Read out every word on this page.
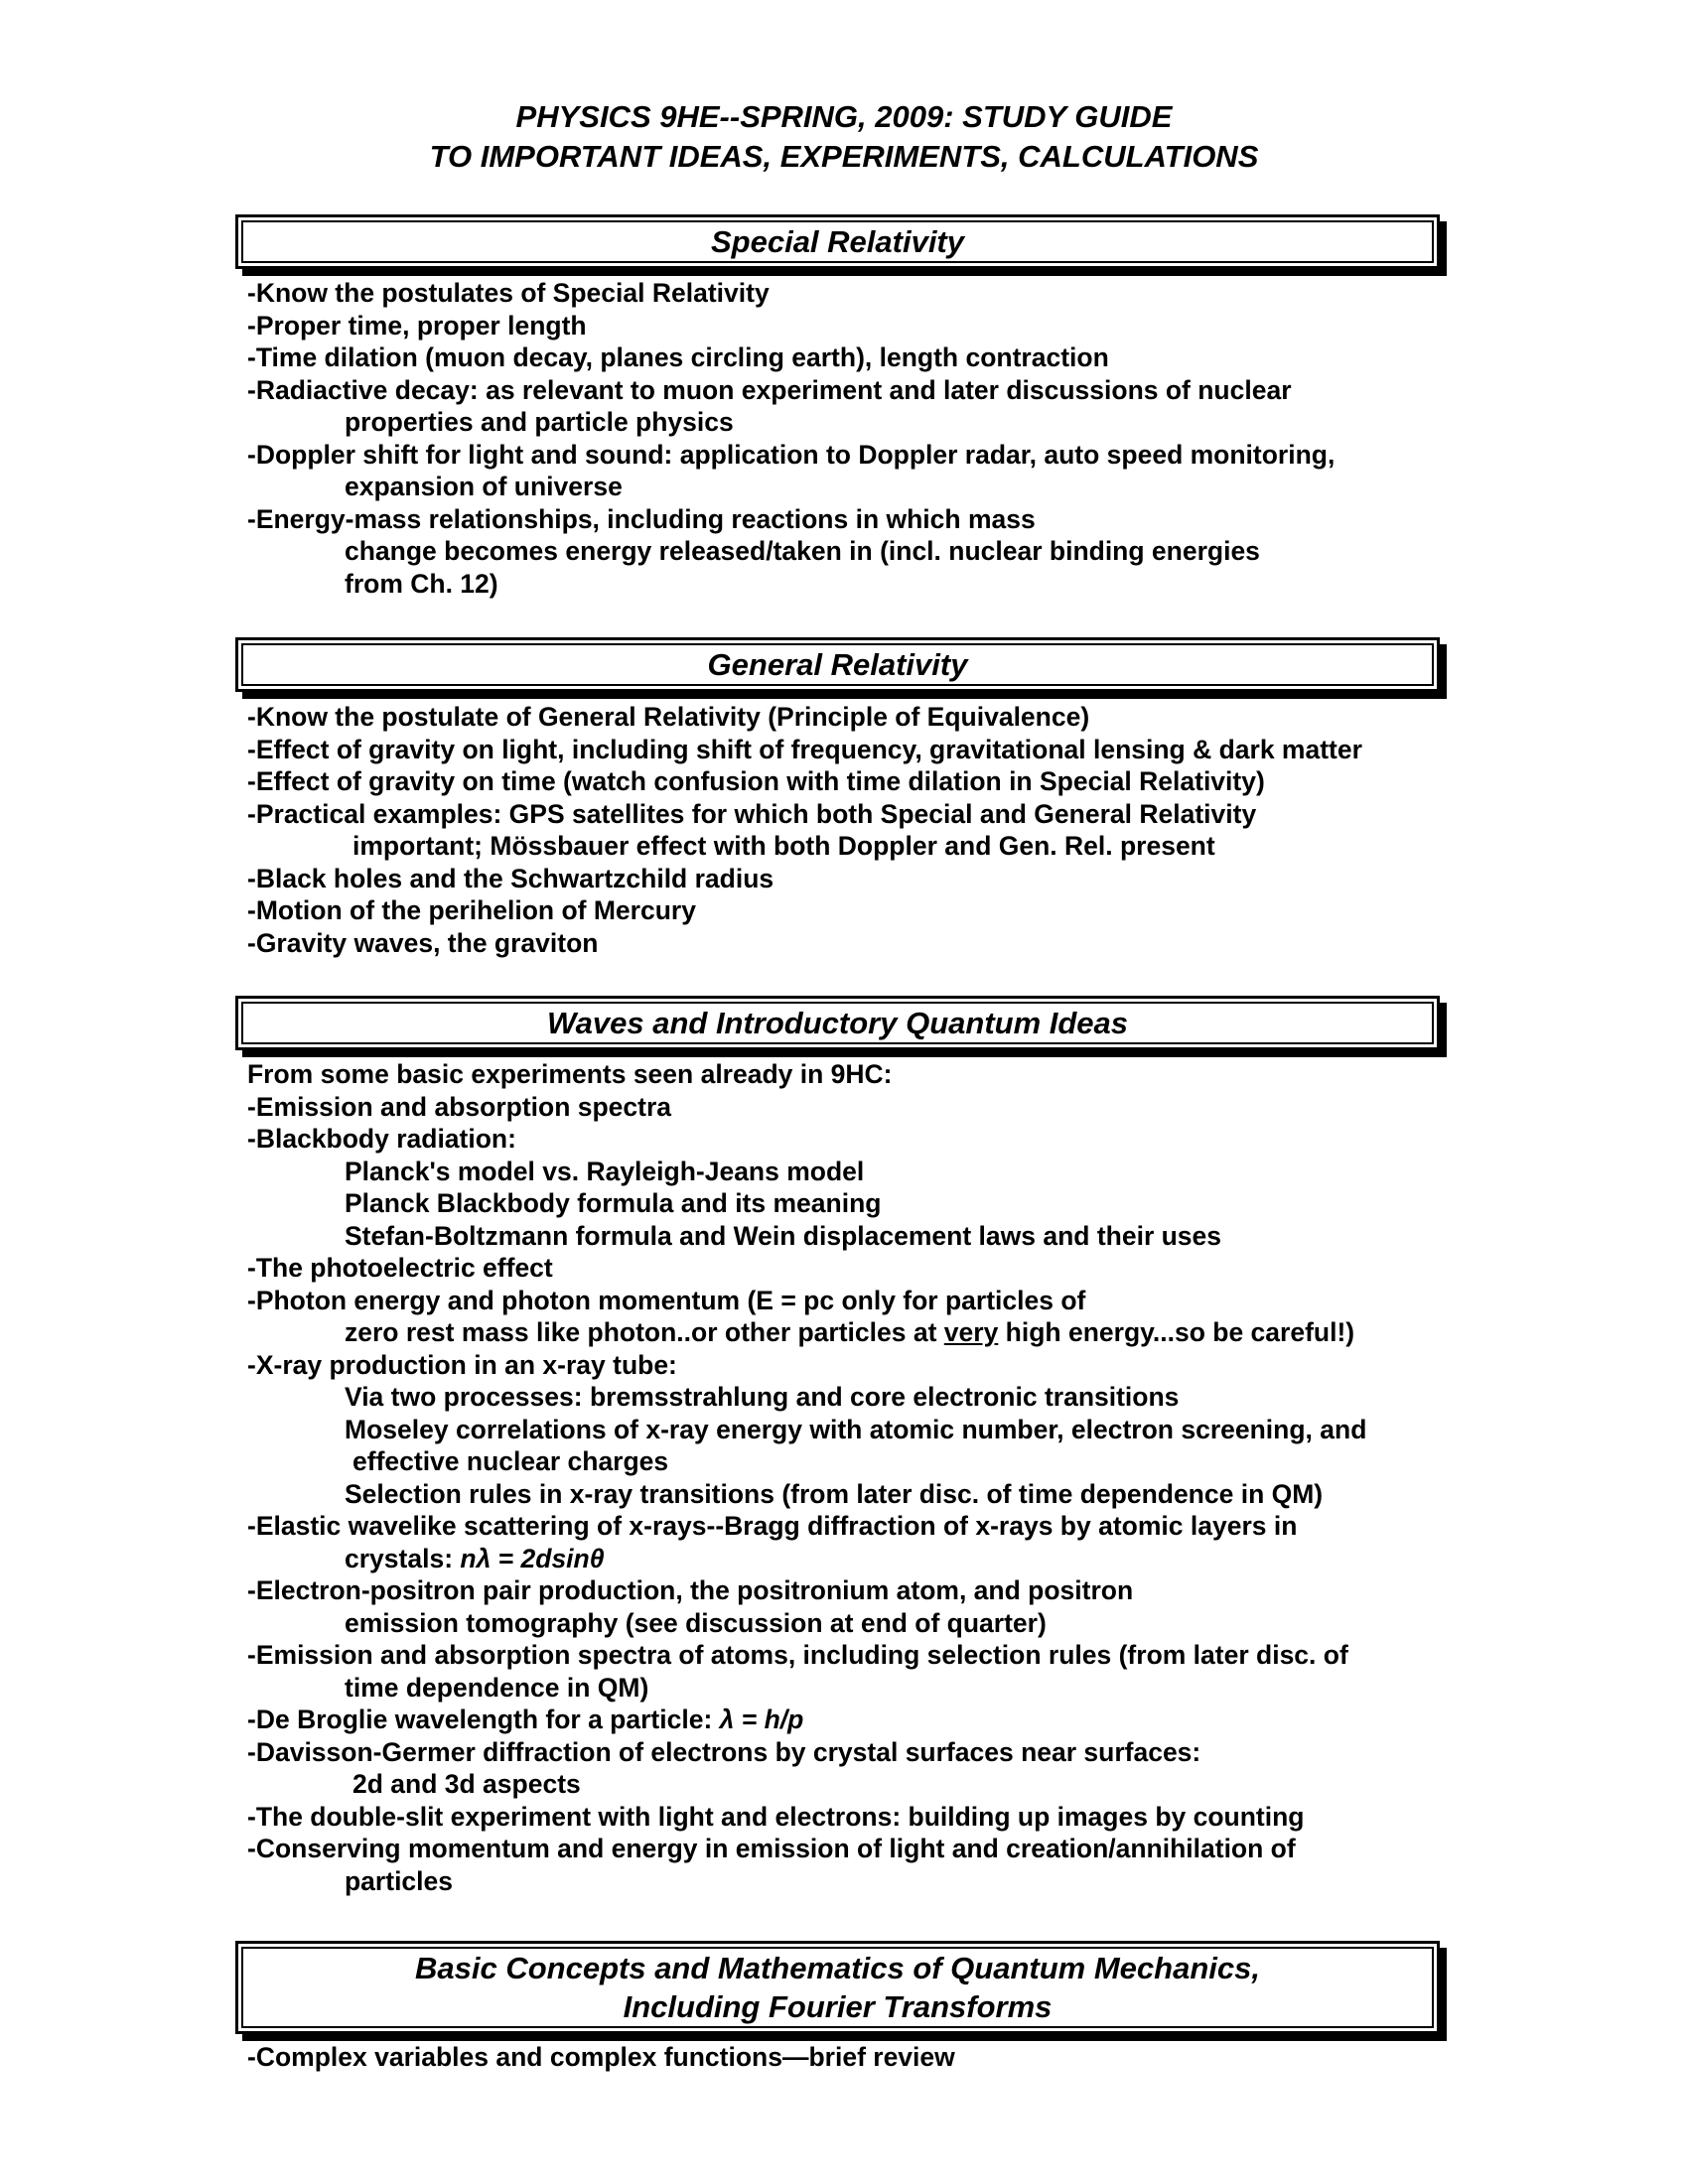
PHYSICS 9HE--SPRING, 2009: STUDY GUIDE
TO IMPORTANT IDEAS, EXPERIMENTS, CALCULATIONS
Special Relativity
-Know the postulates of Special Relativity
-Proper time, proper length
-Time dilation (muon decay, planes circling earth), length contraction
-Radiactive decay: as relevant to muon experiment and later discussions of nuclear
properties and particle physics
-Doppler shift for light and sound: application to Doppler radar, auto speed monitoring,
expansion of universe
-Energy-mass relationships, including reactions in which mass
change becomes energy released/taken in (incl. nuclear binding energies
from Ch. 12)
General Relativity
-Know the postulate of General Relativity (Principle of Equivalence)
-Effect of gravity on light, including shift of frequency, gravitational lensing & dark matter
-Effect of gravity on time (watch confusion with time dilation in Special Relativity)
-Practical examples: GPS satellites for which both Special and General Relativity
important; Mössbauer effect with both Doppler and Gen. Rel. present
-Black holes and the Schwartzchild radius
-Motion of the perihelion of Mercury
-Gravity waves, the graviton
Waves and Introductory Quantum Ideas
From some basic experiments seen already in 9HC:
-Emission and absorption spectra
-Blackbody radiation:
Planck's model vs. Rayleigh-Jeans model
Planck Blackbody formula and its meaning
Stefan-Boltzmann formula and Wein displacement laws and their uses
-The photoelectric effect
-Photon energy and photon momentum (E = pc only for particles of
zero rest mass like photon..or other particles at very high energy...so be careful!)
-X-ray production in an x-ray tube:
Via two processes: bremsstrahlung and core electronic transitions
Moseley correlations of x-ray energy with atomic number, electron screening, and
effective nuclear charges
Selection rules in x-ray transitions (from later disc. of time dependence in QM)
-Elastic wavelike scattering of x-rays--Bragg diffraction of x-rays by atomic layers in
crystals: nλ = 2dsinθ
-Electron-positron pair production, the positronium atom, and positron
emission tomography (see discussion at end of quarter)
-Emission and absorption spectra of atoms, including selection rules (from later disc. of
time dependence in QM)
-De Broglie wavelength for a particle: λ = h/p
-Davisson-Germer diffraction of electrons by crystal surfaces near surfaces:
2d and 3d aspects
-The double-slit experiment with light and electrons: building up images by counting
-Conserving momentum and energy in emission of light and creation/annihilation of
particles
Basic Concepts and Mathematics of Quantum Mechanics,
Including Fourier Transforms
-Complex variables and complex functions—brief review
